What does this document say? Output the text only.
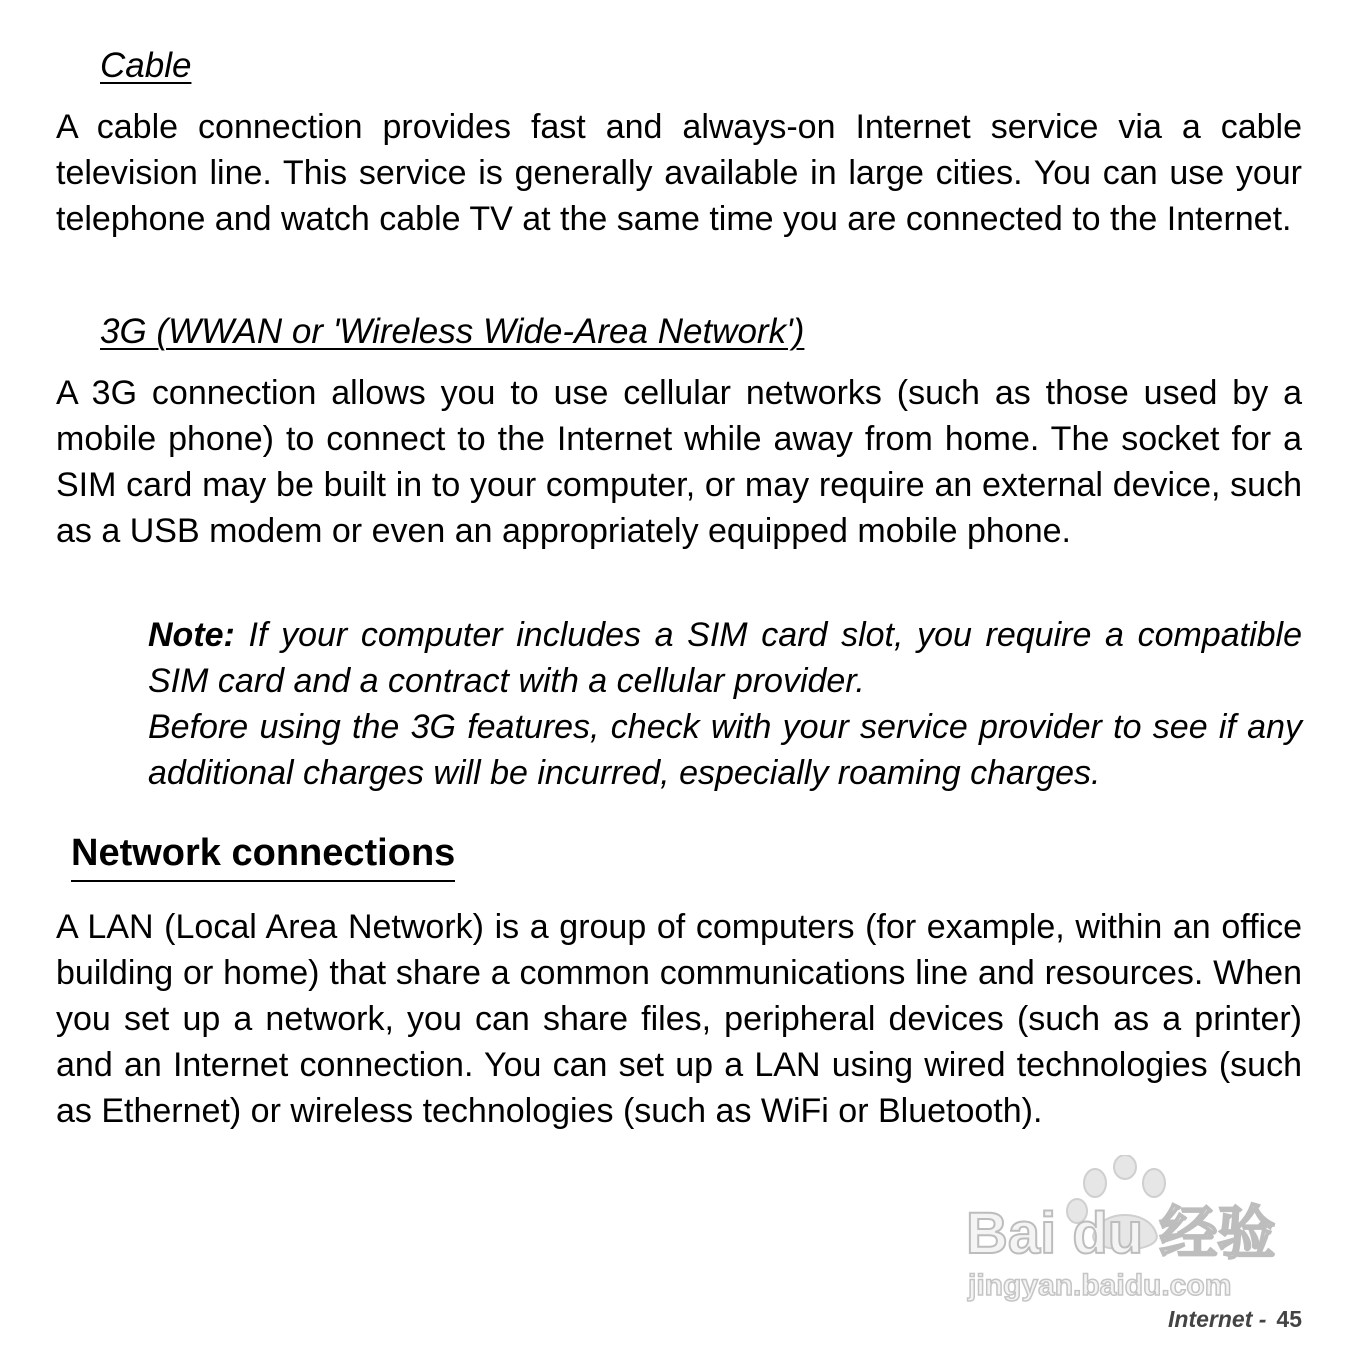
Cable

A cable connection provides fast and always-on Internet service via a cable television line. This service is generally available in large cities. You can use your telephone and watch cable TV at the same time you are connected to the Internet.

3G (WWAN or 'Wireless Wide-Area Network')

A 3G connection allows you to use cellular networks (such as those used by a mobile phone) to connect to the Internet while away from home. The socket for a SIM card may be built in to your computer, or may require an external device, such as a USB modem or even an appropriately equipped mobile phone.

Note: If your computer includes a SIM card slot, you require a compatible SIM card and a contract with a cellular provider.

Before using the 3G features, check with your service provider to see if any additional charges will be incurred, especially roaming charges.

Network connections

A LAN (Local Area Network) is a group of computers (for example, within an office building or home) that share a common communications line and resources. When you set up a network, you can share files, peripheral devices (such as a printer) and an Internet connection. You can set up a LAN using wired technologies (such as Ethernet) or wireless technologies (such as WiFi or Bluetooth).

Bai du 经验
jingyan.baidu.com
Internet - 45
